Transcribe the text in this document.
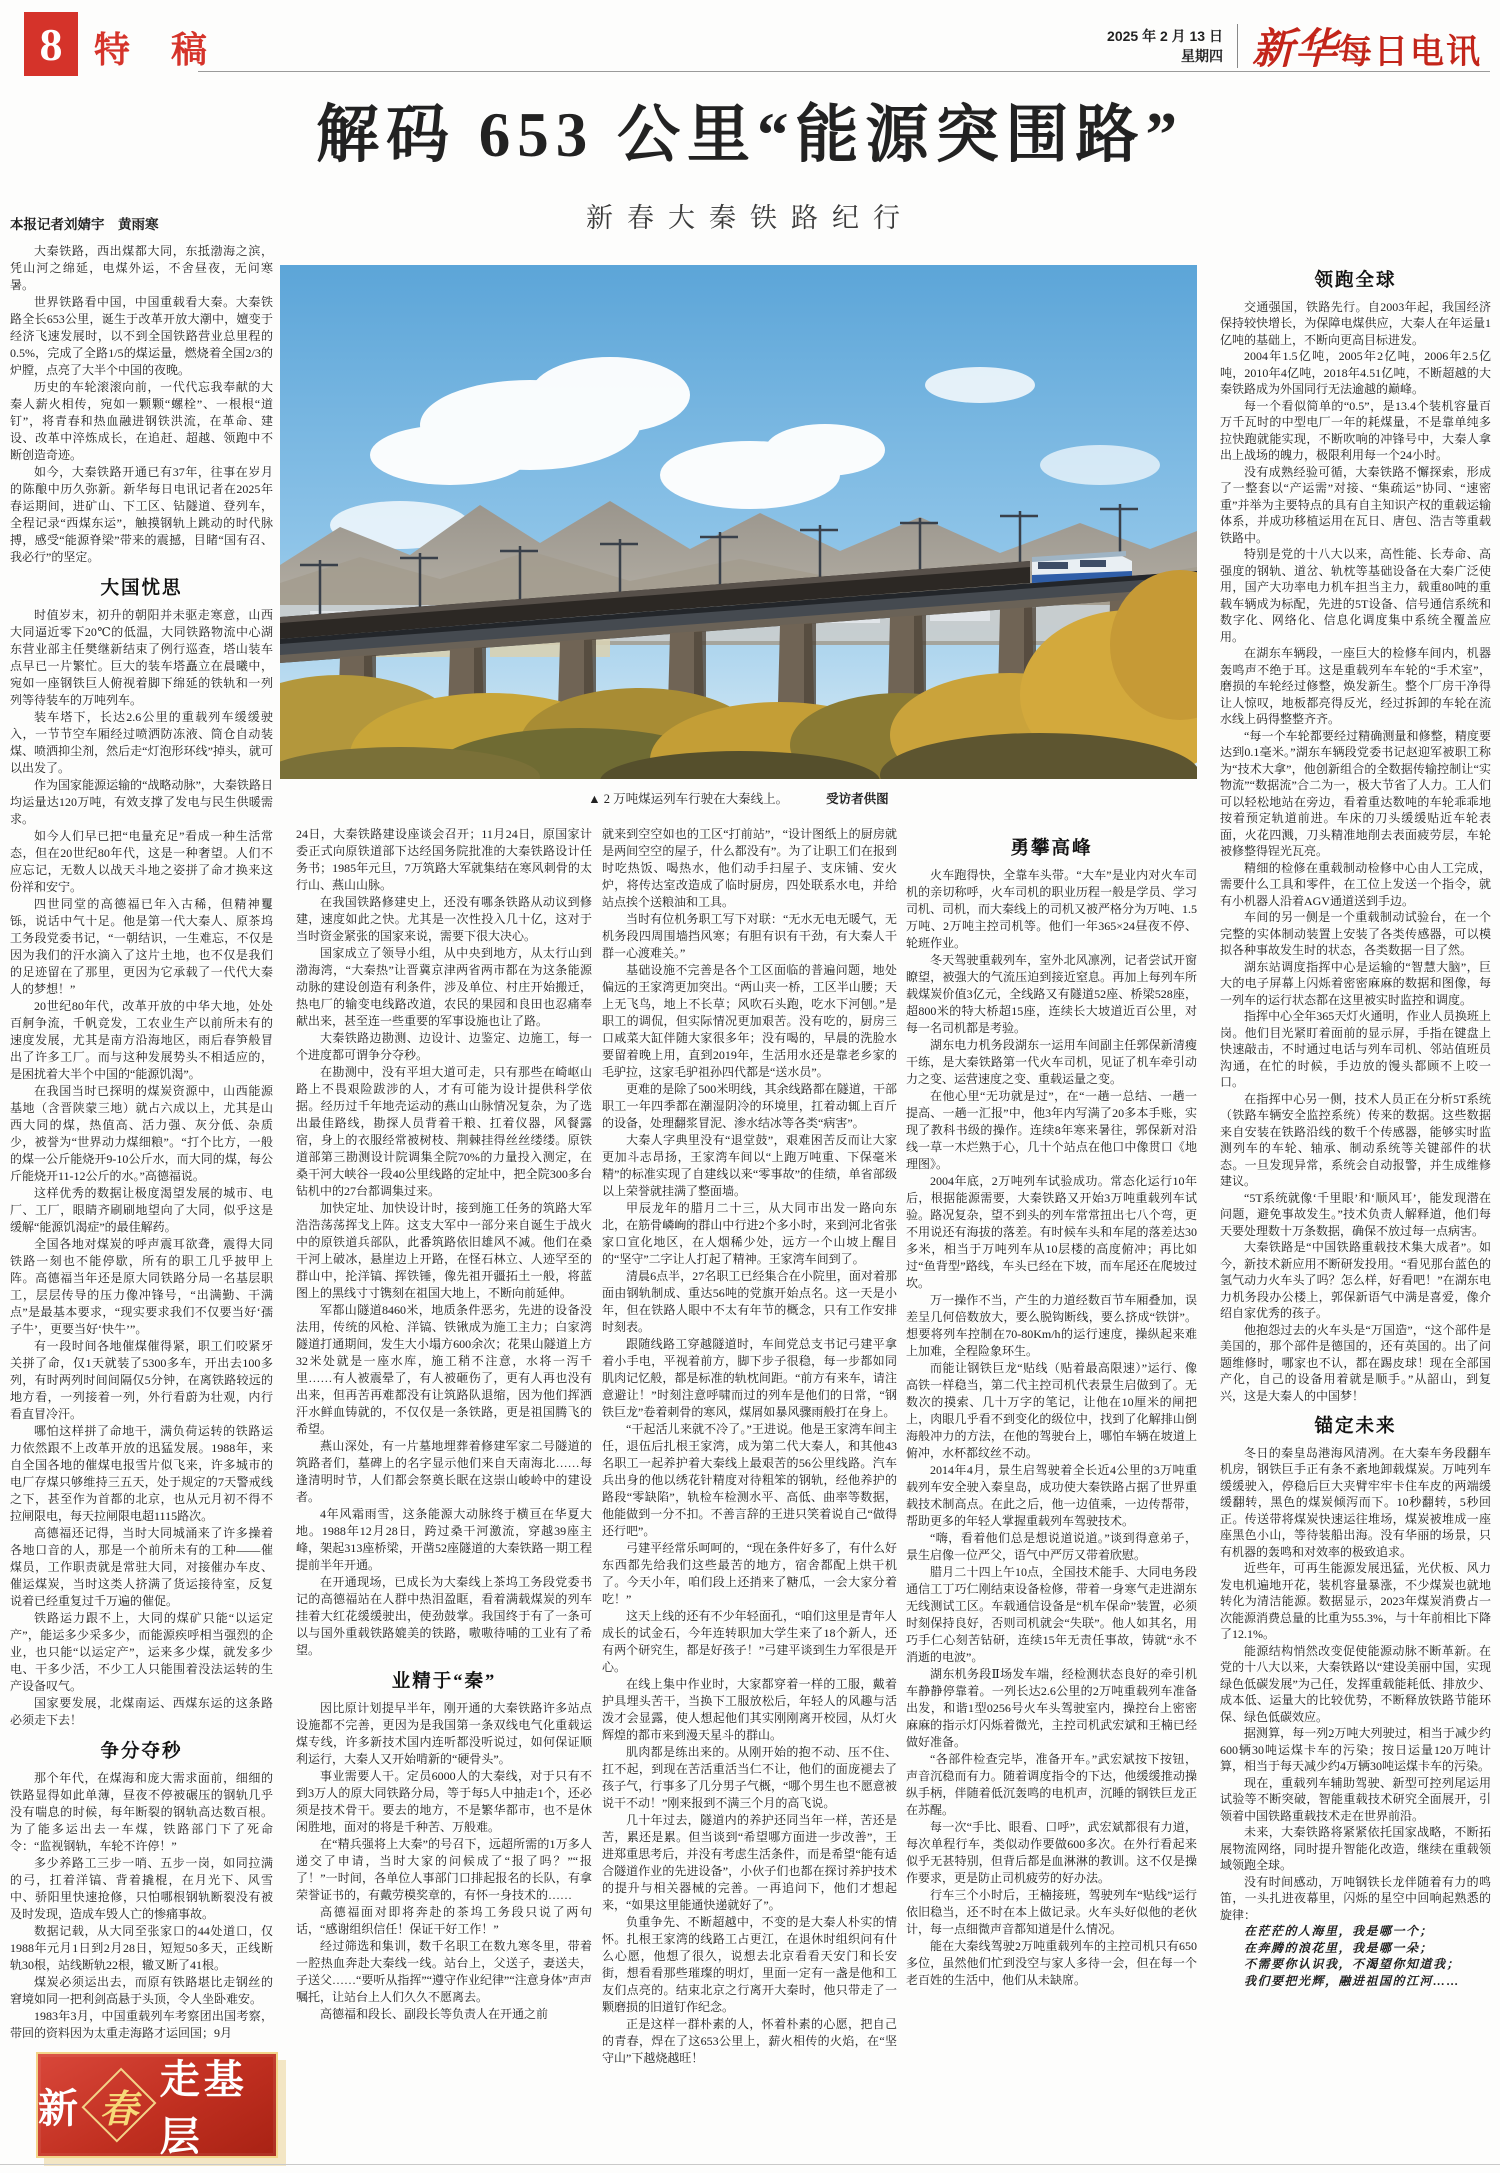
8 特 稿	2025 年 2 月 13 日
星期四 新华每日电讯
解码 653 公里“能源突围路”
新春大秦铁路纪行
▲ 2 万吨煤运列车行驶在大秦线上。	受访者供图

本报记者刘婧宇　黄雨寒

大秦铁路，西出煤都大同，东抵渤海之滨，凭山河之绵延，电煤外运，不舍昼夜，无问寒暑。

世界铁路看中国，中国重载看大秦。大秦铁路全长653公里，诞生于改革开放大潮中，嬗变于经济飞速发展时，以不到全国铁路营业总里程的0.5%，完成了全路1/5的煤运量，燃烧着全国2/3的炉膛，点亮了大半个中国的夜晚。

历史的车轮滚滚向前，一代代忘我奉献的大秦人薪火相传，宛如一颗颗“螺栓”、一根根“道钉”，将青春和热血融进钢铁洪流，在革命、建设、改革中淬炼成长，在追赶、超越、领跑中不断创造奇迹。

如今，大秦铁路开通已有37年，往事在岁月的陈酿中历久弥新。新华每日电讯记者在2025年春运期间，进矿山、下工区、钻隧道、登列车，全程记录“西煤东运”，触摸钢轨上跳动的时代脉搏，感受“能源脊梁”带来的震撼，目睹“国有召、我必行”的坚定。

大国忧思

时值岁末，初升的朝阳并未驱走寒意，山西大同逼近零下20℃的低温，大同铁路物流中心湖东营业部主任樊继新结束了例行巡查，塔山装车点早已一片繁忙。巨大的装车塔矗立在晨曦中，宛如一座钢铁巨人俯视着脚下绵延的铁轨和一列列等待装车的万吨列车。

装车塔下，长达2.6公里的重载列车缓缓驶入，一节节空车厢经过喷洒防冻液、筒仓自动装煤、喷洒抑尘剂，然后走“灯泡形环线”掉头，就可以出发了。

作为国家能源运输的“战略动脉”，大秦铁路日均运量达120万吨，有效支撑了发电与民生供暖需求。

如今人们早已把“电量充足”看成一种生活常态，但在20世纪80年代，这是一种奢望。人们不应忘记，无数人以战天斗地之姿拼了命才换来这份祥和安宁。

四世同堂的高德福已年入古稀，但精神矍铄，说话中气十足。他是第一代大秦人、原茶坞工务段党委书记，“一朝结识，一生难忘，不仅是因为我们的汗水滴入了这片土地，也不仅是我们的足迹留在了那里，更因为它承载了一代代大秦人的梦想！”

20世纪80年代，改革开放的中华大地，处处百舸争流，千帆竞发，工农业生产以前所未有的速度发展，尤其是南方沿海地区，雨后春笋般冒出了许多工厂。而与这种发展势头不相适应的，是困扰着大半个中国的“能源饥渴”。

在我国当时已探明的煤炭资源中，山西能源基地（含晋陕蒙三地）就占六成以上，尤其是山西大同的煤，热值高、活力强、灰分低、杂质少，被誉为“世界动力煤细粮”。“打个比方，一般的煤一公斤能烧开9-10公斤水，而大同的煤，每公斤能烧开11-12公斤的水。”高德福说。

这样优秀的数据让极度渴望发展的城市、电厂、工厂，眼睛齐刷刷地望向了大同，似乎这是缓解“能源饥渴症”的最佳解药。

全国各地对煤炭的呼声震耳欲聋，震得大同铁路一刻也不能停歇，所有的职工几乎披甲上阵。高德福当年还是原大同铁路分局一名基层职工，层层传导的压力像冲锋号，“出满勤、干满点”是最基本要求，“现实要求我们不仅要当好‘孺子牛’，更要当好‘快牛’”。

有一段时间各地催煤催得紧，职工们咬紧牙关拼了命，仅1天就装了5300多车，开出去100多列，有时两列时间间隔仅5分钟，在离铁路较远的地方看，一列接着一列，外行看蔚为壮观，内行看直冒冷汗。

哪怕这样拼了命地干，满负荷运转的铁路运力依然跟不上改革开放的迅猛发展。1988年，来自全国各地的催煤电报雪片似飞来，许多城市的电厂存煤只够维持三五天，处于规定的7天警戒线之下，甚至作为首都的北京，也从元月初不得不拉闸限电，每天拉闸限电超1115路次。

高德福还记得，当时大同城涌来了许多操着各地口音的人，那是一个前所未有的工种——催煤员，工作职责就是常驻大同，对接催办车皮、催运煤炭，当时这类人挤满了货运接待室，反复说着已经重复过千万遍的催促。

铁路运力跟不上，大同的煤矿只能“以运定产”，能运多少采多少，而能源疾呼相当强烈的企业，也只能“以运定产”，运来多少煤，就发多少电、干多少活，不少工人只能围着没法运转的生产设备叹气。

国家要发展，北煤南运、西煤东运的这条路必须走下去！

争分夺秒

那个年代，在煤海和庞大需求面前，细细的铁路显得如此单薄，昼夜不停被碾压的钢轨几乎没有喘息的时候，每年断裂的钢轨高达数百根。为了能多运出去一车煤，铁路部门下了死命令：“监视钢轨，车轮不许停！”

多少养路工三步一哨、五步一岗，如同拉满的弓，扛着洋镐、背着撬棍，在月光下、风雪中、骄阳里快速抢修，只怕哪根钢轨断裂没有被及时发现，造成车毁人亡的惨痛事故。

数据记载，从大同至张家口的44处道口，仅1988年元月1日到2月28日，短短50多天，正线断轨30根，站线断轨22根，辙叉断了41根。

煤炭必须运出去，而原有铁路堪比走钢丝的窘境如同一把利剑高悬于头顶，令人坐卧难安。

1983年3月，中国重载列车考察团出国考察，带回的资料因为太重走海路才运回国；9月

24日，大秦铁路建设座谈会召开；11月24日，原国家计委正式向原铁道部下达经国务院批准的大秦铁路设计任务书；1985年元旦，7万筑路大军就集结在寒风刺骨的太行山、燕山山脉。

在我国铁路修建史上，还没有哪条铁路从动议到修建，速度如此之快。尤其是一次性投入几十亿，这对于当时资金紧张的国家来说，需要下很大决心。

国家成立了领导小组，从中央到地方，从太行山到渤海湾，“大秦热”让晋冀京津两省两市都在为这条能源动脉的建设创造有利条件，涉及单位、村庄开始搬迁，热电厂的输变电线路改道，农民的果园和良田也忍痛奉献出来，甚至连一些重要的军事设施也让了路。

大秦铁路边勘测、边设计、边鉴定、边施工，每一个进度都可谓争分夺秒。

在勘测中，没有平坦大道可走，只有那些在崎岖山路上不畏艰险跋涉的人，才有可能为设计提供科学依据。经历过千年地壳运动的燕山山脉情况复杂，为了选出最佳路线，勘探人员背着干粮、扛着仪器，风餐露宿，身上的衣服经常被树枝、荆棘挂得丝丝缕缕。原铁道部第三勘测设计院调集全院70%的力量投入测定，在桑干河大峡谷一段40公里线路的定址中，把全院300多台钻机中的27台都调集过来。

加快定址、加快设计时，接到施工任务的筑路大军浩浩荡荡挥戈上阵。这支大军中一部分来自诞生于战火中的原铁道兵部队，此番筑路依旧雄风不减。他们在桑干河上破冰，悬崖边上开路，在怪石林立、人迹罕至的群山中，抡洋镐、挥铁锤，像先祖开疆拓土一般，将蓝图上的黑线寸寸镌刻在祖国大地上，不断向前延伸。

军都山隧道8460米，地质条件恶劣，先进的设备没法用，传统的风枪、洋镐、铁锹成为施工主力；白家湾隧道打通期间，发生大小塌方600余次；花果山隧道上方32米处就是一座水库，施工稍不注意，水将一泻千里……有人被震晕了，有人被砸伤了，更有人再也没有出来，但再苦再难都没有让筑路队退缩，因为他们挥洒汗水鲜血铸就的，不仅仅是一条铁路，更是祖国腾飞的希望。

燕山深处，有一片墓地埋葬着修建军家二号隧道的筑路者们，墓碑上的名字显示他们来自天南海北……每逢清明时节，人们都会祭奠长眠在这崇山峻岭中的建设者。

4年风霜雨雪，这条能源大动脉终于横亘在华夏大地。1988年12月28日，跨过桑干河激流，穿越39座主峰，架起313座桥梁，开凿52座隧道的大秦铁路一期工程提前半年开通。

在开通现场，已成长为大秦线上茶坞工务段党委书记的高德福站在人群中热泪盈眶，看着满载煤炭的列车挂着大红花缓缓驶出，使劲鼓掌。我国终于有了一条可以与国外重载铁路媲美的铁路，嗷嗷待哺的工业有了希望。

业精于“秦”

因比原计划提早半年，刚开通的大秦铁路许多站点设施都不完善，更因为是我国第一条双线电气化重载运煤专线，许多新技术国内连听都没听说过，如何保证顺利运行，大秦人又开始啃新的“硬骨头”。

事业需要人干。定员6000人的大秦线，对于只有不到3万人的原大同铁路分局，等于每5人中抽走1个，还必须是技术骨干。要去的地方，不是繁华都市，也不是休闲胜地，面对的将是千种苦、万般难。

在“精兵强将上大秦”的号召下，远超所需的1万多人递交了申请，当时大家的问候成了“报了吗？”“报了！”一时间，各单位人事部门口排起报名的长队，有拿荣誉证书的，有戴劳模奖章的，有怀一身技术的……

高德福面对即将奔赴的茶坞工务段只说了两句话，“感谢组织信任！保证干好工作！”

经过筛选和集训，数千名职工在数九寒冬里，带着一腔热血奔赴大秦线一线。站台上，父送子，妻送夫，子送父……“要听从指挥”“遵守作业纪律”“注意身体”声声嘱托，让站台上人们久久不愿离去。

高德福和段长、副段长等负责人在开通之前

就来到空空如也的工区“打前站”，“设计图纸上的厨房就是两间空空的屋子，什么都没有”。为了让职工们在报到时吃热饭、喝热水，他们动手扫屋子、支床铺、安火炉，将传达室改造成了临时厨房，四处联系水电，并给站点挨个送粮油和工具。

当时有位机务职工写下对联：“无水无电无暖气，无机务段四周围墙挡风寒；有胆有识有干劲，有大秦人干群一心渡难关。”

基础设施不完善是各个工区面临的普遍问题，地处偏远的王家湾更加突出。“两山夹一桥，工区半山腰；天上无飞鸟，地上不长草；风吹石头跑，吃水下河刨。”是职工的调侃，但实际情况更加艰苦。没有吃的，厨房三口咸菜大缸伴随大家很多年；没有喝的，早晨的洗脸水要留着晚上用，直到2019年，生活用水还是靠老乡家的毛驴拉，这家毛驴祖孙四代都是“送水员”。

更难的是除了500米明线，其余线路都在隧道，干部职工一年四季都在潮湿阴冷的环境里，扛着动辄上百斤的设备，处理翻浆冒泥、渗水结冰等各类“病害”。

大秦人字典里没有“退堂鼓”，艰难困苦反而让大家更加斗志昂扬，王家湾车间以“上跑万吨重、下保毫米精”的标准实现了自建线以来“零事故”的佳绩，单省部级以上荣誉就挂满了整面墙。

甲辰龙年的腊月二十三，从大同市出发一路向东北，在筋骨嶙峋的群山中行进2个多小时，来到河北省张家口宣化地区，在人烟稀少处，远方一个山坡上醒目的“坚守”二字让人打起了精神。王家湾车间到了。

清晨6点半，27名职工已经集合在小院里，面对着那面由钢轨制成、重达56吨的党旗开始点名。这一天是小年，但在铁路人眼中不太有年节的概念，只有工作安排时刻表。

跟随线路工穿越隧道时，车间党总支书记弓建平拿着小手电，平视着前方，脚下步子很稳，每一步都如同肌肉记忆般，都是标准的轨枕间距。“前方有来车，请注意避让！”时刻注意呼啸而过的列车是他们的日常，“钢铁巨龙”卷着刺骨的寒风，煤屑如暴风骤雨般打在身上。

“干起活儿来就不冷了。”王进说。他是王家湾车间主任，退伍后扎根王家湾，成为第二代大秦人，和其他43名职工一起养护着大秦线上最艰苦的56公里线路。汽车兵出身的他以绣花针精度对待粗笨的钢轨，经他养护的路段“零缺陷”，轨检车检测水平、高低、曲率等数据，他能做到一分不扣。不善言辞的王进只笑着说自己“做得还行吧”。

弓建平经常乐呵呵的，“现在条件好多了，有什么好东西都先给我们这些最苦的地方，宿舍都配上烘干机了。今天小年，咱们段上还捎来了糖瓜，一会大家分着吃！”

这天上线的还有不少年轻面孔，“咱们这里是青年人成长的试金石，今年连转职加大学生来了18个新人，还有两个研究生，都是好孩子！”弓建平谈到生力军很是开心。

在线上集中作业时，大家都穿着一样的工服，戴着护具埋头苦干，当换下工服放松后，年轻人的风趣与活泼才会显露，使人想起他们其实刚刚离开校园，从灯火辉煌的都市来到漫天星斗的群山。

肌肉都是练出来的。从刚开始的抱不动、压不住、扛不起，到现在苦活重活当仁不让，他们的面庞褪去了孩子气，行事多了几分男子气概，“哪个男生也不愿意被说干不动！”刚来报到不满三个月的高飞说。

几十年过去，隧道内的养护还同当年一样，苦还是苦，累还是累。但当谈到“希望哪方面进一步改善”，王进郑重思考后，并没有考虑生活条件，而是希望“能有适合隧道作业的先进设备”，小伙子们也都在探讨养护技术的提升与相关器械的完善。一再追问下，他们才想起来，“如果这里能通快递就好了”。

负重争先、不断超越中，不变的是大秦人朴实的情怀。扎根王家湾的线路工占更江，在退休时组织问有什么心愿，他想了很久，说想去北京看看天安门和长安街，想看看那些璀璨的明灯，里面一定有一盏是他和工友们点亮的。结束北京之行离开大秦时，他只带走了一颗磨损的旧道钉作纪念。

正是这样一群朴素的人，怀着朴素的心愿，把自己的青春，焊在了这653公里上，薪火相传的火焰，在“坚守山”下越烧越旺！

勇攀高峰

火车跑得快，全靠车头带。“大车”是业内对火车司机的亲切称呼，火车司机的职业历程一般是学员、学习司机、司机，而大秦线上的司机又被严格分为万吨、1.5万吨、2万吨主控司机等。他们一年365×24昼夜不停、轮班作业。

冬天驾驶重载列车，室外北风凛冽，记者尝试开窗瞭望，被强大的气流压迫到接近窒息。再加上每列车所载煤炭价值3亿元，全线路又有隧道52座、桥梁528座，超800米的特大桥超15座，连续长大坡道近百公里，对每一名司机都是考验。

湖东电力机务段湖东一运用车间副主任郭保新清瘦干练，是大秦铁路第一代火车司机，见证了机车牵引动力之变、运营速度之变、重载运量之变。

在他心里“无功就是过”，在“一趟一总结、一趟一提高、一趟一汇报”中，他3年内写满了20多本手账，实现了教科书级的操作。连续8年寒来暑往，郭保新对沿线一草一木烂熟于心，几十个站点在他口中像贯口《地理图》。

2004年底，2万吨列车试验成功。常态化运行10年后，根据能源需要，大秦铁路又开始3万吨重载列车试验。路况复杂，望不到头的列车常常扭出七八个弯，更不用说还有海拔的落差。有时候车头和车尾的落差达30多米，相当于万吨列车从10层楼的高度俯冲；再比如过“鱼背型”路线，车头已经在下坡，而车尾还在爬坡过坎。

万一操作不当，产生的力道经数百节车厢叠加，误差呈几何倍数放大，要么脱钩断线，要么挤成“铁饼”。想要将列车控制在70-80Km/h的运行速度，操纵起来难上加难，全程险象环生。

而能让钢铁巨龙“贴线（贴着最高限速）”运行、像高铁一样稳当，第二代主控司机代表景生启做到了。无数次的摸索、几十万字的笔记，让他在10厘米的闸把上，肉眼几乎看不到变化的级位中，找到了化解排山倒海般冲力的方法，在他的驾驶台上，哪怕车辆在坡道上俯冲，水杯都纹丝不动。

2014年4月，景生启驾驶着全长近4公里的3万吨重载列车安全驶入秦皇岛，成功使大秦铁路占据了世界重载技术制高点。在此之后，他一边值乘，一边传帮带，帮助更多的年轻人掌握重载列车驾驶技术。

“嗨，看着他们总是想说道说道。”谈到得意弟子，景生启像一位严父，语气中严厉又带着欣慰。

腊月二十四上午10点，全国技术能手、大同电务段通信工丁巧仁刚结束设备检修，带着一身寒气走进湖东无线测试工区。车载通信设备是“机车保命”装置，必须时刻保持良好，否则司机就会“失联”。他人如其名，用巧手仁心刻苦钻研，连续15年无责任事故，铸就“永不消逝的电波”。

湖东机务段Ⅱ场发车端，经检测状态良好的牵引机车静静停靠着。一列长达2.6公里的2万吨重载列车准备出发，和谐1型0256号火车头驾驶室内，操控台上密密麻麻的指示灯闪烁着微光，主控司机武宏斌和王楠已经做好准备。

“各部件检查完毕，准备开车。”武宏斌按下按钮，声音沉稳而有力。随着调度指令的下达，他缓缓推动操纵手柄，伴随着低沉轰鸣的电机声，沉睡的钢铁巨龙正在苏醒。

每一次“手比、眼看、口呼”，武宏斌都很有力道，每次单程行车，类似动作要做600多次。在外行看起来似乎无甚特别，但背后都是血淋淋的教训。这不仅是操作要求，更是防止司机疲劳的好办法。

行车三个小时后，王楠接班，驾驶列车“贴线”运行依旧稳当，还不时在本上做记录。火车头好似他的老伙计，每一点细微声音都知道是什么情况。

能在大秦线驾驶2万吨重载列车的主控司机只有650多位，虽然他们忙到没空与家人多待一会，但在每一个老百姓的生活中，他们从未缺席。

领跑全球

交通强国，铁路先行。自2003年起，我国经济保持较快增长，为保障电煤供应，大秦人在年运量1亿吨的基础上，不断向更高目标进发。

2004年1.5亿吨，2005年2亿吨，2006年2.5亿吨，2010年4亿吨，2018年4.51亿吨，不断超越的大秦铁路成为外国同行无法逾越的巅峰。

每一个看似简单的“0.5”，是13.4个装机容量百万千瓦时的中型电厂一年的耗煤量，不是靠单纯多拉快跑就能实现，不断吹响的冲锋号中，大秦人拿出上战场的魄力，极限利用每一个24小时。

没有成熟经验可循，大秦铁路不懈探索，形成了一整套以“产运需”对接、“集疏运”协同、“速密重”并举为主要特点的具有自主知识产权的重载运输体系，并成功移植运用在瓦日、唐包、浩吉等重载铁路中。

特别是党的十八大以来，高性能、长寿命、高强度的钢轨、道岔、轨枕等基础设备在大秦广泛使用，国产大功率电力机车担当主力，载重80吨的重载车辆成为标配，先进的5T设备、信号通信系统和数字化、网络化、信息化调度集中系统全覆盖应用。

在湖东车辆段，一座巨大的检修车间内，机器轰鸣声不绝于耳。这是重载列车车轮的“手术室”，磨损的车轮经过修整，焕发新生。整个厂房干净得让人惊叹，地板都亮得反光，经过拆卸的车轮在流水线上码得整整齐齐。

“每一个车轮都要经过精确测量和修整，精度要达到0.1毫米。”湖东车辆段党委书记赵迎军被职工称为“技术大拿”，他创新组合的全数据传输控制让“实物流”“数据流”合二为一，极大节省了人力。工人们可以轻松地站在旁边，看着重达数吨的车轮乖乖地按着预定轨道前进。车床的刀头缓缓贴近车轮表面，火花四溅，刀头精准地削去表面疲劳层，车轮被修整得锃光瓦亮。

精细的检修在重载制动检修中心由人工完成，需要什么工具和零件，在工位上发送一个指令，就有小机器人沿着AGV通道送到手边。

车间的另一侧是一个重载制动试验台，在一个完整的实体制动装置上安装了各类传感器，可以模拟各种事故发生时的状态，各类数据一目了然。

湖东站调度指挥中心是运输的“智慧大脑”，巨大的电子屏幕上闪烁着密密麻麻的数据和图像，每一列车的运行状态都在这里被实时监控和调度。

指挥中心全年365天灯火通明，作业人员换班上岗。他们目光紧盯着面前的显示屏，手指在键盘上快速敲击，不时通过电话与列车司机、邻站值班员沟通，在忙的时候，手边放的馒头都顾不上咬一口。

在指挥中心另一侧，技术人员正在分析5T系统（铁路车辆安全监控系统）传来的数据。这些数据来自安装在铁路沿线的数千个传感器，能够实时监测列车的车轮、轴承、制动系统等关键部件的状态。一旦发现异常，系统会自动报警，并生成维修建议。

“5T系统就像‘千里眼’和‘顺风耳’，能发现潜在问题，避免事故发生。”技术负责人解释道，他们每天要处理数十万条数据，确保不放过每一点病害。

大秦铁路是“中国铁路重载技术集大成者”。如今，新技术新应用不断研发投用。“看见那台蓝色的氢气动力火车头了吗？怎么样，好看吧！”在湖东电力机务段办公楼上，郭保新语气中满是喜爱，像介绍自家优秀的孩子。

他抱怨过去的火车头是“万国造”，“这个部件是美国的，那个部件是德国的，还有英国的。出了问题维修时，哪家也不认，都在踢皮球！现在全部国产化，自己的设备用着就是顺手。”从韶山，到复兴，这是大秦人的中国梦！

锚定未来

冬日的秦皇岛港海风清冽。在大秦车务段翻车机房，钢铁巨手正有条不紊地卸载煤炭。万吨列车缓缓驶入，停稳后巨大夹臂牢牢卡住车皮的两端缓缓翻转，黑色的煤炭倾泻而下。10秒翻转，5秒回正。传送带将煤炭快速运往堆场，煤炭被堆成一座座黑色小山，等待装船出海。没有华丽的场景，只有机器的轰鸣和对效率的极致追求。

近些年，可再生能源发展迅猛，光伏板、风力发电机遍地开花，装机容量暴涨，不少煤炭也就地转化为清洁能源。数据显示，2023年煤炭消费占一次能源消费总量的比重为55.3%，与十年前相比下降了12.1%。

能源结构悄然改变促使能源动脉不断革新。在党的十八大以来，大秦铁路以“建设美丽中国，实现绿色低碳发展”为己任，发挥重载能耗低、排放少、成本低、运量大的比较优势，不断释放铁路节能环保、绿色低碳效应。

据测算，每一列2万吨大列驶过，相当于减少约600辆30吨运煤卡车的污染；按日运量120万吨计算，相当于每天减少约4万辆30吨运煤卡车的污染。

现在，重载列车辅助驾驶、新型可控列尾运用试验等不断突破，智能重载技术研究全面展开，引领着中国铁路重载技术走在世界前沿。

未来，大秦铁路将紧紧依托国家战略，不断拓展物流网络，同时提升智能化改造，继续在重载领域领跑全球。

没有时间感动，万吨钢铁长龙伴随着有力的鸣笛，一头扎进夜幕里，闪烁的星空中回响起熟悉的旋律：

在茫茫的人海里，我是哪一个；

在奔腾的浪花里，我是哪一朵；

不需要你认识我，不渴望你知道我；

我们要把光辉，融进祖国的江河……

新 春
走基层
